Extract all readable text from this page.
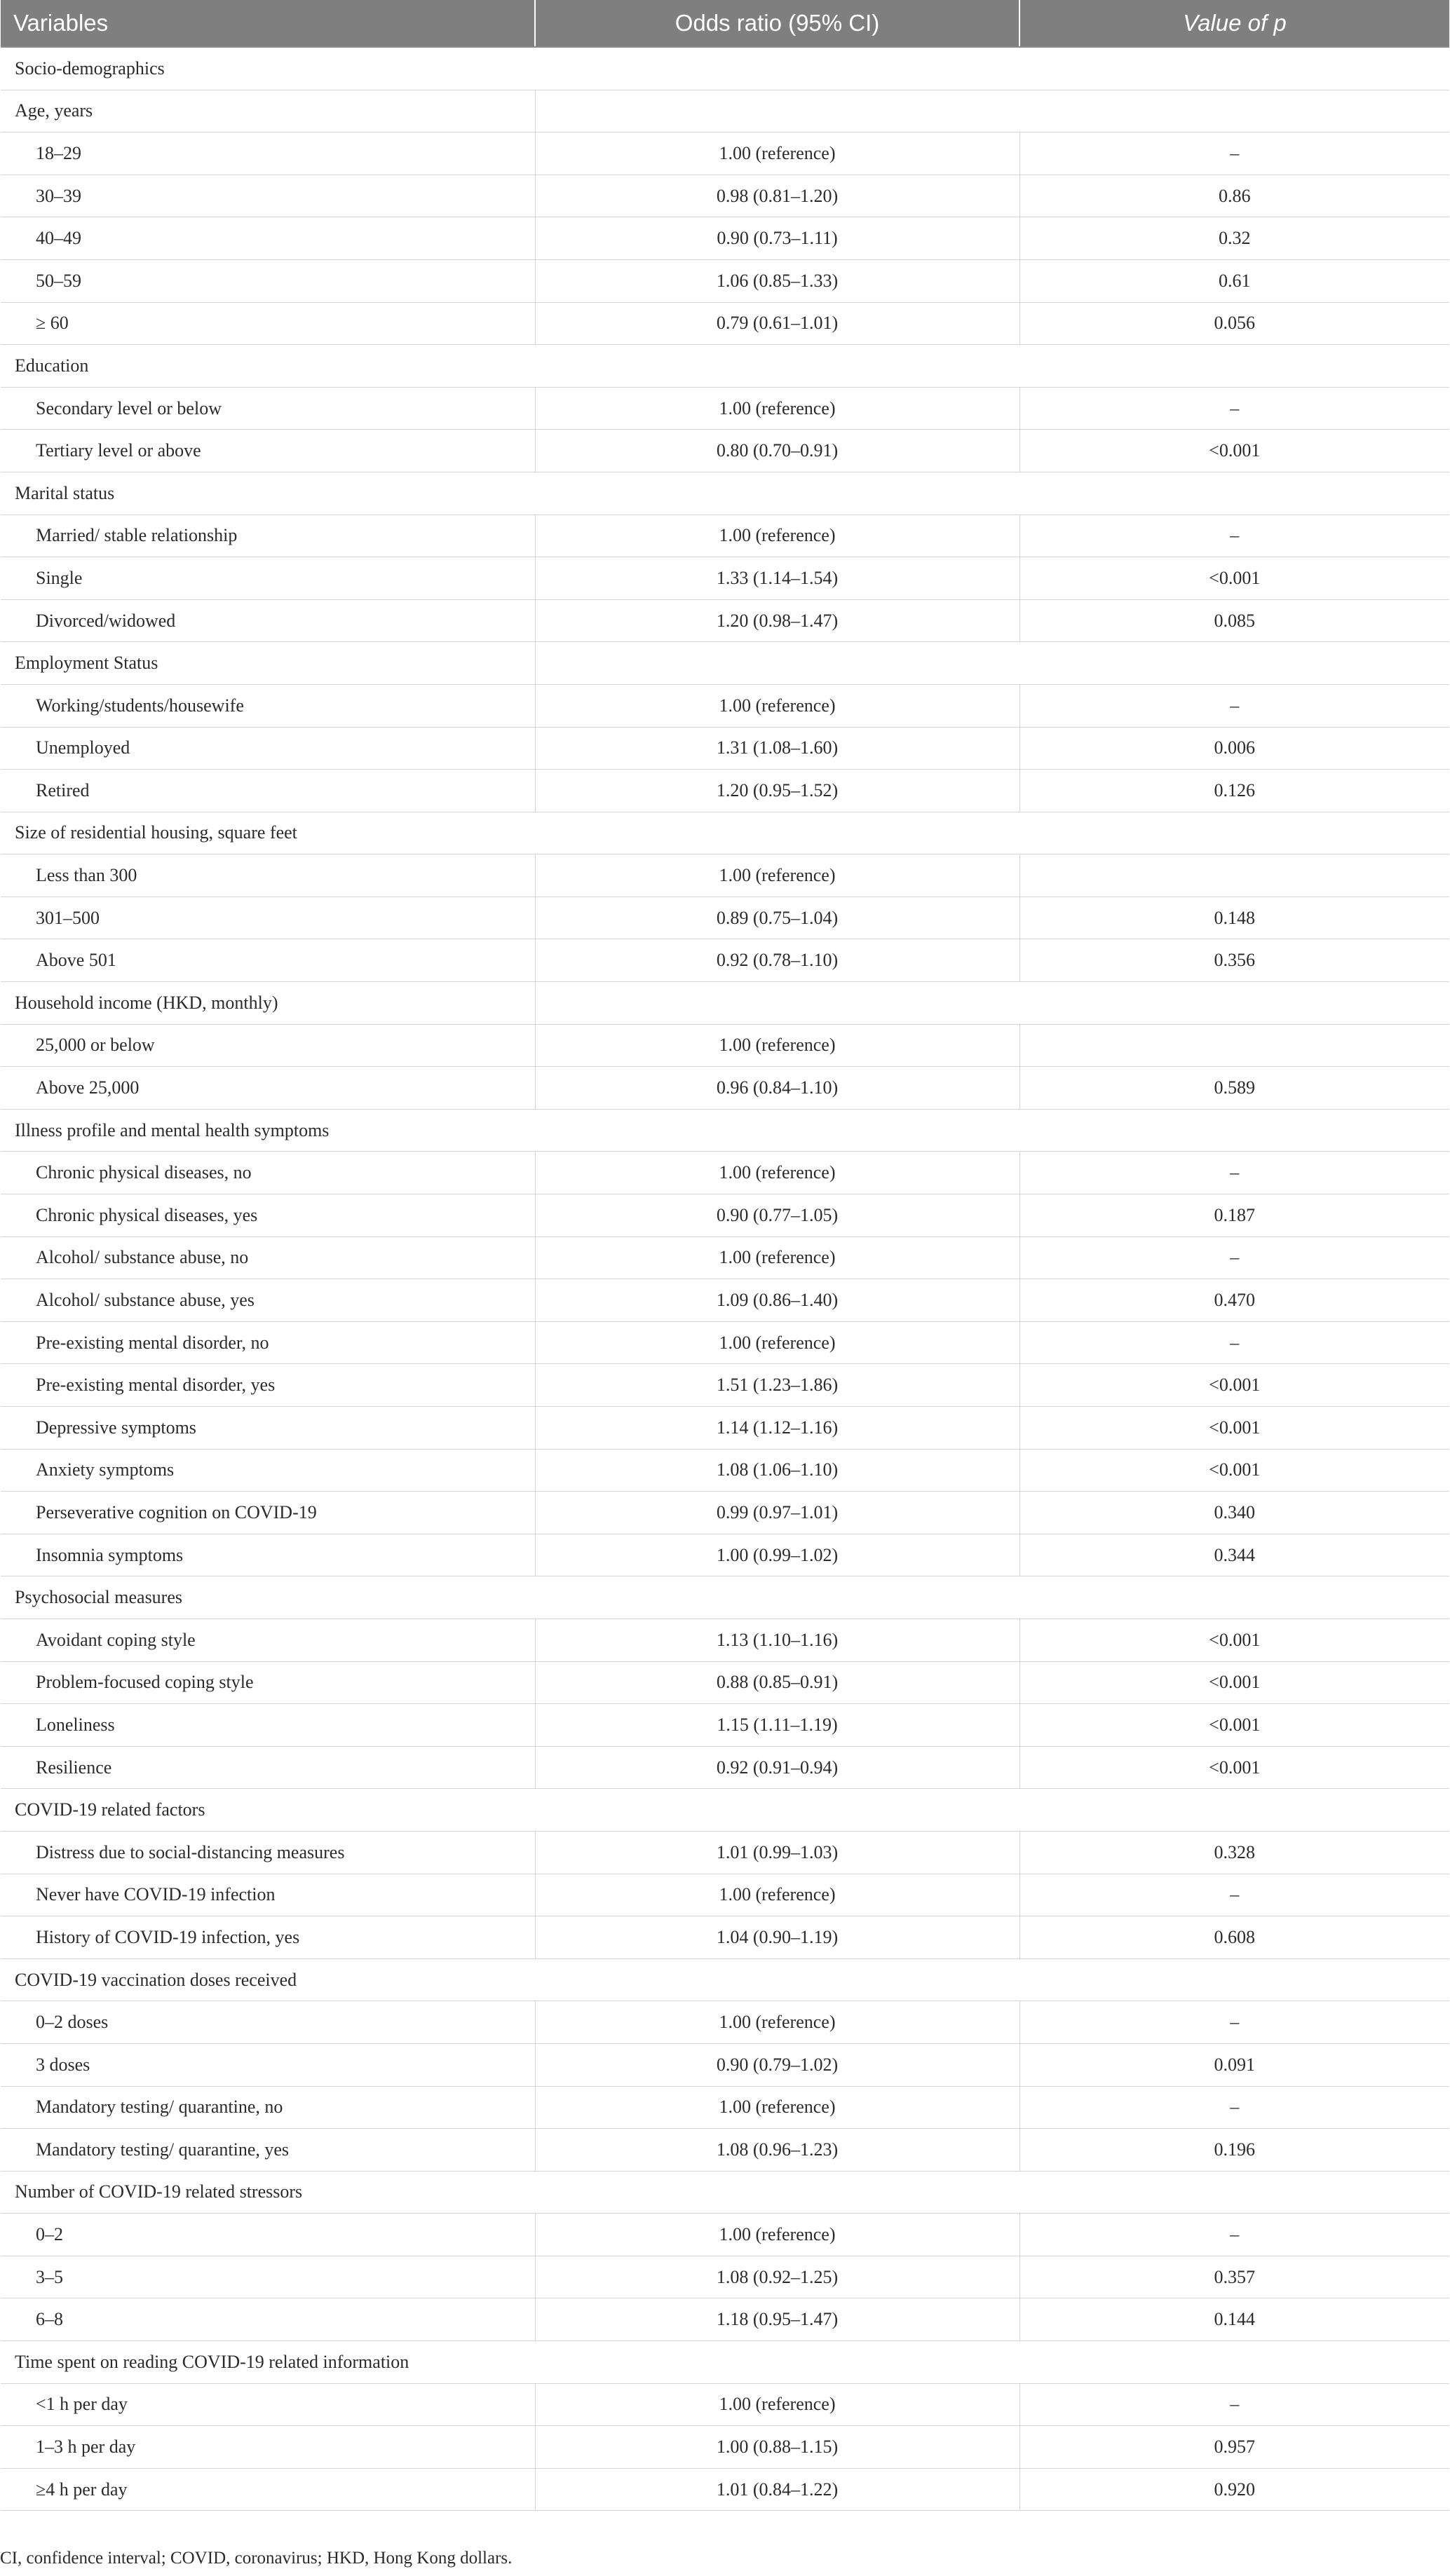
Variables	Odds ratio (95% CI)	Value of p
Socio-demographics		
Age, years		
18–29	1.00 (reference)	–
30–39	0.98 (0.81–1.20)	0.86
40–49	0.90 (0.73–1.11)	0.32
50–59	1.06 (0.85–1.33)	0.61
≥ 60	0.79 (0.61–1.01)	0.056
Education		
Secondary level or below	1.00 (reference)	–
Tertiary level or above	0.80 (0.70–0.91)	<0.001
Marital status		
Married/ stable relationship	1.00 (reference)	–
Single	1.33 (1.14–1.54)	<0.001
Divorced/widowed	1.20 (0.98–1.47)	0.085
Employment Status		
Working/students/housewife	1.00 (reference)	–
Unemployed	1.31 (1.08–1.60)	0.006
Retired	1.20 (0.95–1.52)	0.126
Size of residential housing, square feet		
Less than 300	1.00 (reference)	
301–500	0.89 (0.75–1.04)	0.148
Above 501	0.92 (0.78–1.10)	0.356
Household income (HKD, monthly)		
25,000 or below	1.00 (reference)	
Above 25,000	0.96 (0.84–1.10)	0.589
Illness profile and mental health symptoms		
Chronic physical diseases, no	1.00 (reference)	–
Chronic physical diseases, yes	0.90 (0.77–1.05)	0.187
Alcohol/ substance abuse, no	1.00 (reference)	–
Alcohol/ substance abuse, yes	1.09 (0.86–1.40)	0.470
Pre-existing mental disorder, no	1.00 (reference)	–
Pre-existing mental disorder, yes	1.51 (1.23–1.86)	<0.001
Depressive symptoms	1.14 (1.12–1.16)	<0.001
Anxiety symptoms	1.08 (1.06–1.10)	<0.001
Perseverative cognition on COVID-19	0.99 (0.97–1.01)	0.340
Insomnia symptoms	1.00 (0.99–1.02)	0.344
Psychosocial measures		
Avoidant coping style	1.13 (1.10–1.16)	<0.001
Problem-focused coping style	0.88 (0.85–0.91)	<0.001
Loneliness	1.15 (1.11–1.19)	<0.001
Resilience	0.92 (0.91–0.94)	<0.001
COVID-19 related factors		
Distress due to social-distancing measures	1.01 (0.99–1.03)	0.328
Never have COVID-19 infection	1.00 (reference)	–
History of COVID-19 infection, yes	1.04 (0.90–1.19)	0.608
COVID-19 vaccination doses received		
0–2 doses	1.00 (reference)	–
3 doses	0.90 (0.79–1.02)	0.091
Mandatory testing/ quarantine, no	1.00 (reference)	–
Mandatory testing/ quarantine, yes	1.08 (0.96–1.23)	0.196
Number of COVID-19 related stressors		
0–2	1.00 (reference)	–
3–5	1.08 (0.92–1.25)	0.357
6–8	1.18 (0.95–1.47)	0.144
Time spent on reading COVID-19 related information		
<1 h per day	1.00 (reference)	–
1–3 h per day	1.00 (0.88–1.15)	0.957
≥4 h per day	1.01 (0.84–1.22)	0.920
CI, confidence interval; COVID, coronavirus; HKD, Hong Kong dollars.
